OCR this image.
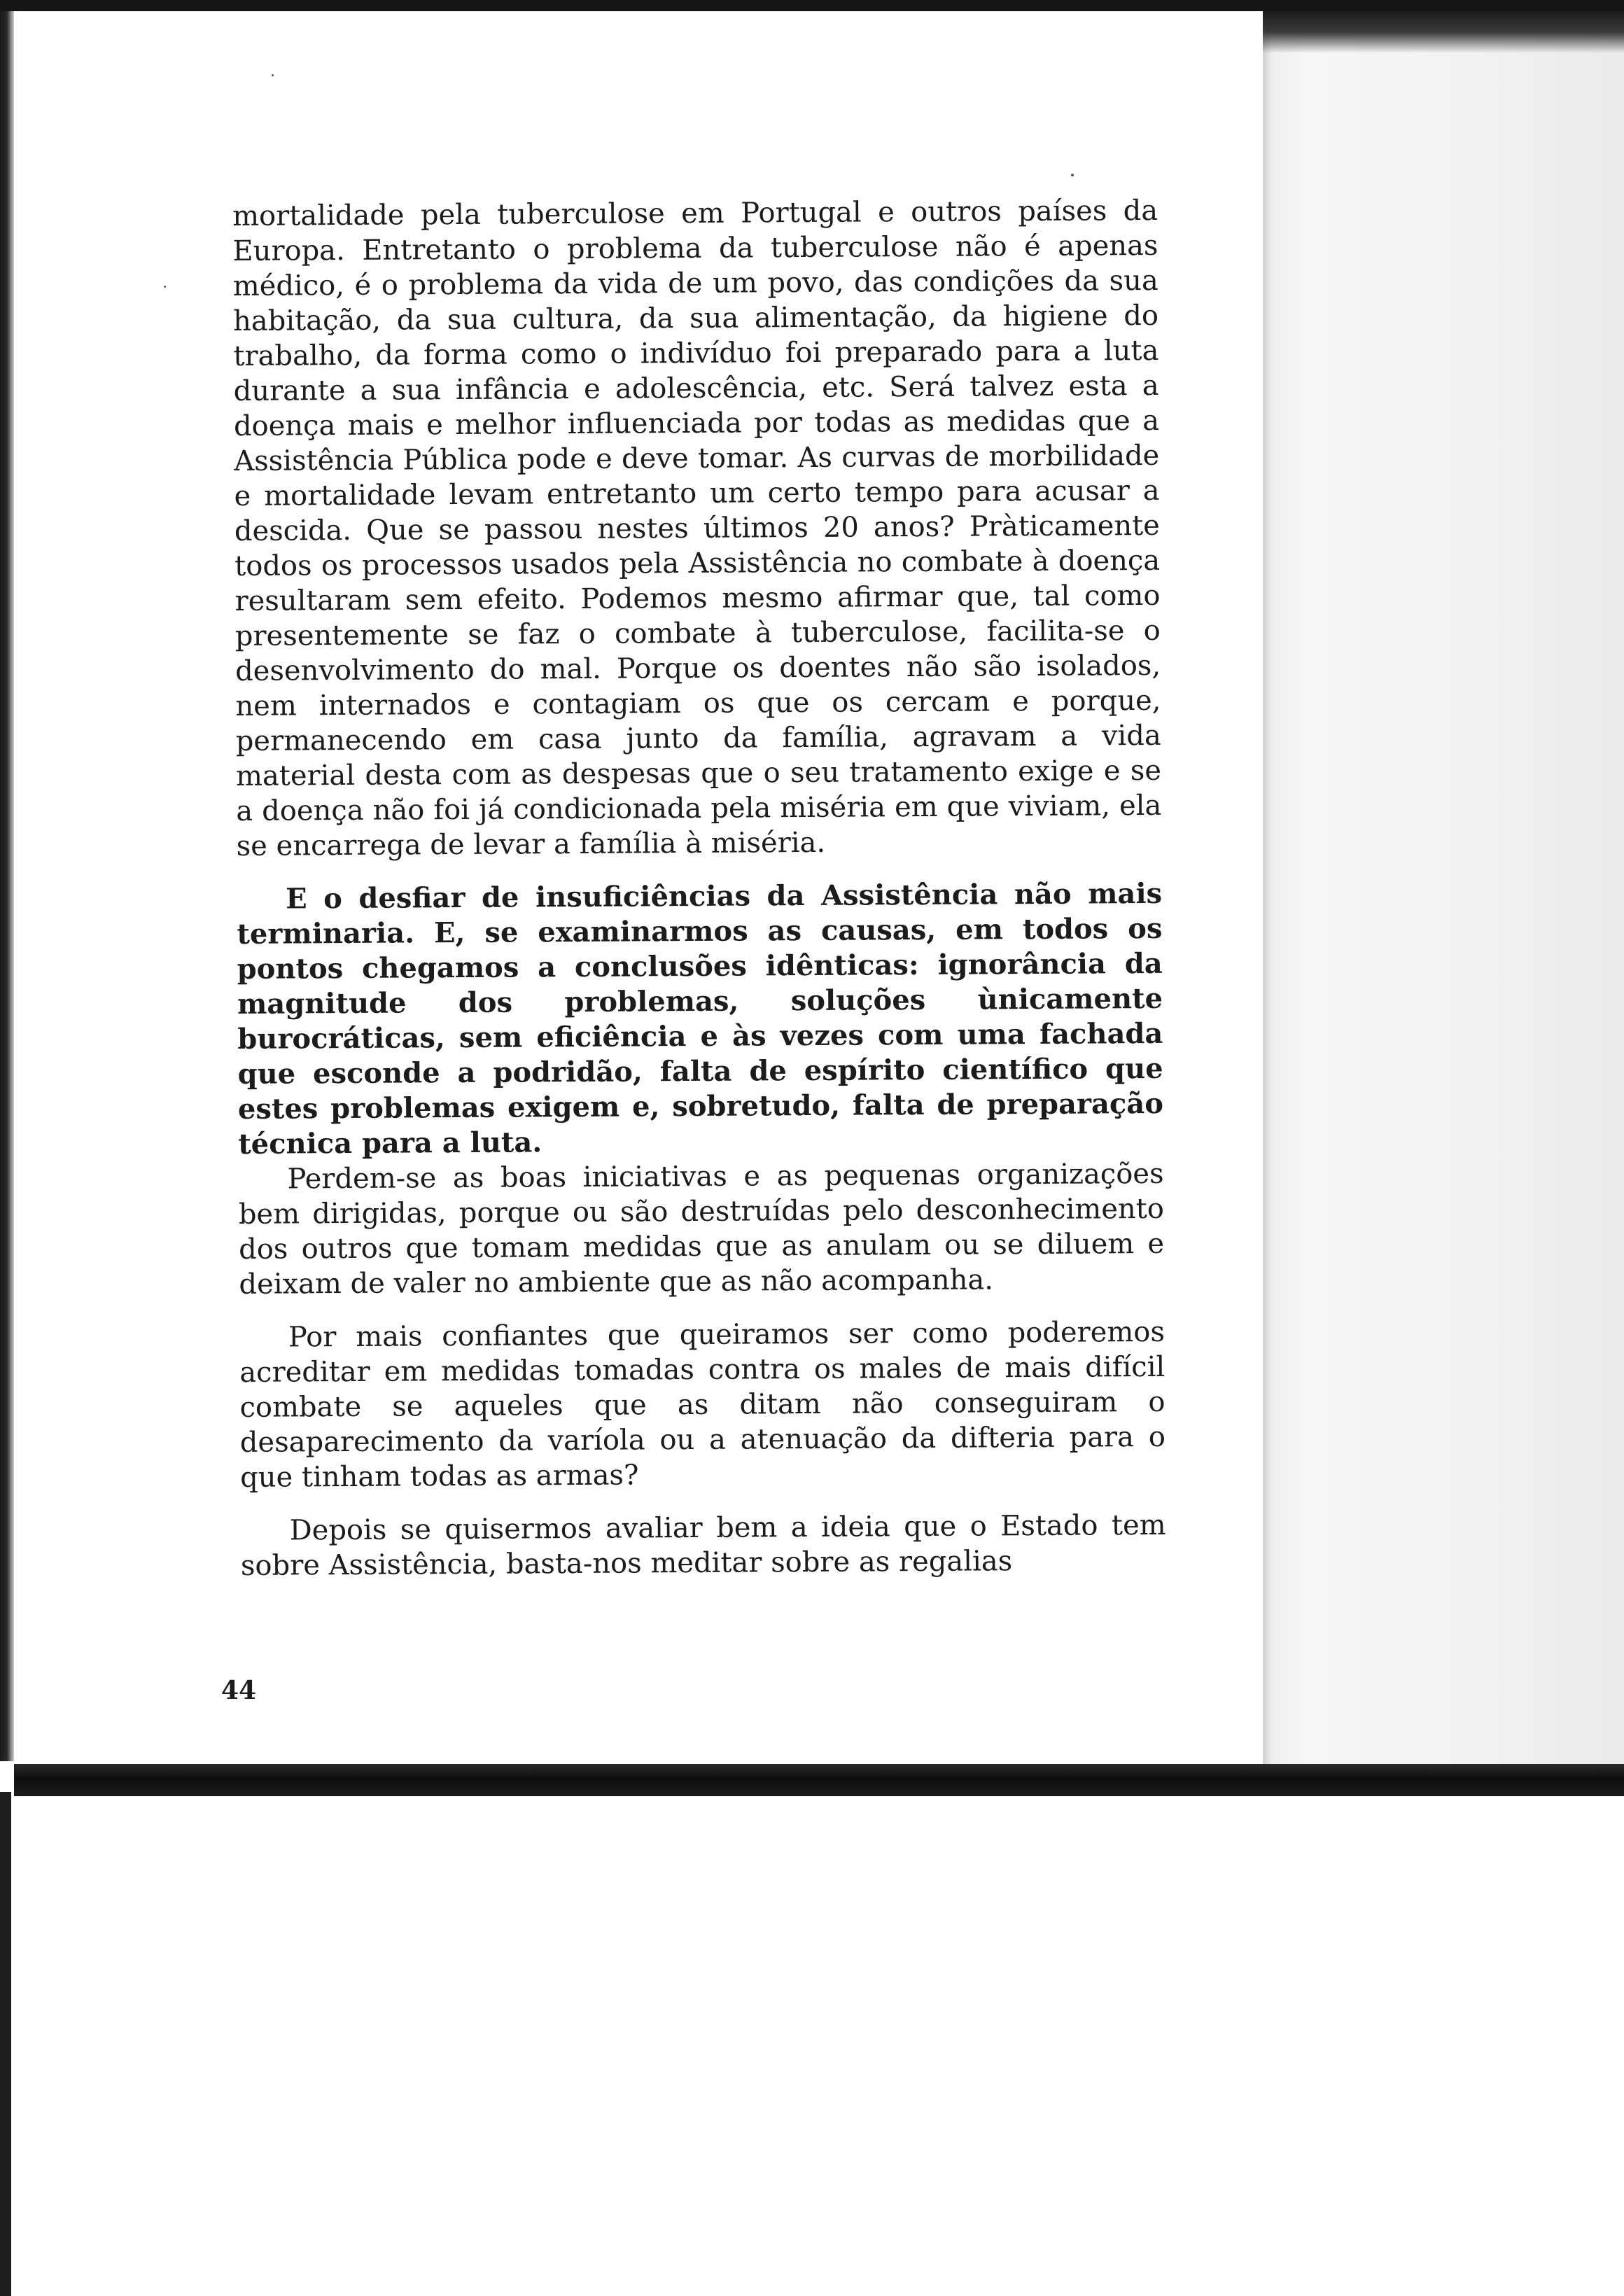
mortalidade pela tuberculose em Portugal e outros países da Europa. Entretanto o problema da tuberculose não é apenas médico, é o problema da vida de um povo, das condições da sua habitação, da sua cultura, da sua alimentação, da higiene do trabalho, da forma como o indivíduo foi preparado para a luta durante a sua infância e adolescência, etc. Será talvez esta a doença mais e melhor influenciada por todas as medidas que a Assistência Pública pode e deve tomar. As curvas de morbilidade e mortalidade levam entretanto um certo tempo para acusar a descida. Que se passou nestes últimos 20 anos? Pràticamente todos os processos usados pela Assistência no combate à doença resultaram sem efeito. Podemos mesmo afirmar que, tal como presentemente se faz o combate à tuberculose, facilita-se o desenvolvimento do mal. Porque os doentes não são isolados, nem internados e contagiam os que os cercam e porque, permanecendo em casa junto da família, agravam a vida material desta com as despesas que o seu tratamento exige e se a doença não foi já condicionada pela miséria em que viviam, ela se encarrega de levar a família à miséria.

E o desfiar de insuficiências da Assistência não mais terminaria. E, se examinarmos as causas, em todos os pontos chegamos a conclusões idênticas: ignorância da magnitude dos problemas, soluções ùnicamente burocráticas, sem eficiência e às vezes com uma fachada que esconde a podridão, falta de espírito científico que estes problemas exigem e, sobretudo, falta de preparação técnica para a luta.

Perdem-se as boas iniciativas e as pequenas organizações bem dirigidas, porque ou são destruídas pelo desconhecimento dos outros que tomam medidas que as anulam ou se diluem e deixam de valer no ambiente que as não acompanha.

Por mais confiantes que queiramos ser como poderemos acreditar em medidas tomadas contra os males de mais difícil combate se aqueles que as ditam não conseguiram o desaparecimento da varíola ou a atenuação da difteria para o que tinham todas as armas?

Depois se quisermos avaliar bem a ideia que o Estado tem sobre Assistência, basta-nos meditar sobre as regalias

44
